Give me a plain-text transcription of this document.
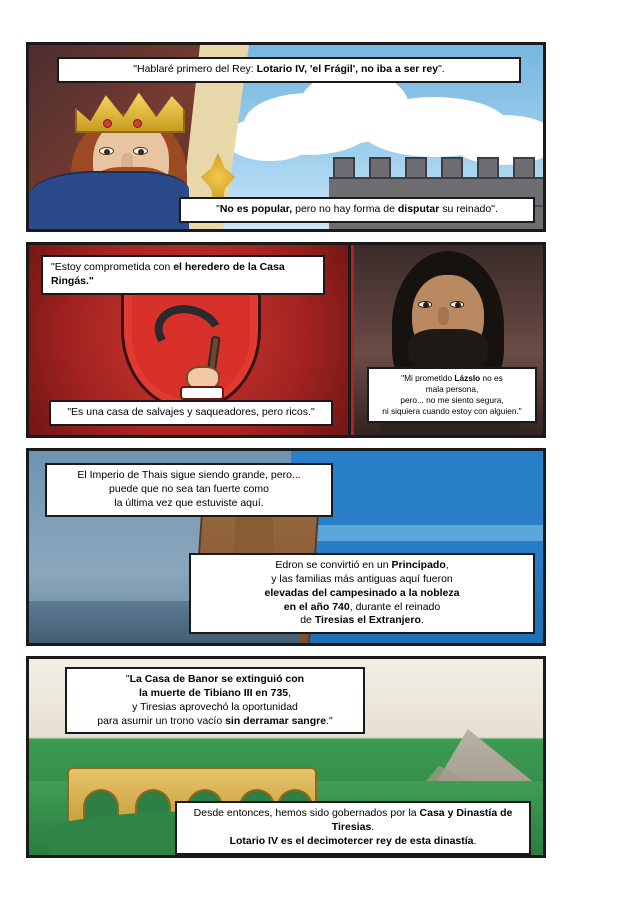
"Hablaré primero del Rey: Lotario IV, 'el Frágil', no iba a ser rey".
"No es popular, pero no hay forma de disputar su reinado".
"Estoy comprometida con el heredero de la Casa Ringás."
"Es una casa de salvajes y saqueadores, pero ricos."
"Mi prometido Lázslo no es
mala persona,
pero... no me siento segura,
ni siquiera cuando estoy con alguien."
El Imperio de Thais sigue siendo grande, pero...
puede que no sea tan fuerte como
la última vez que estuviste aquí.
Edron se convirtió en un Principado,
y las familias más antiguas aquí fueron
elevadas del campesinado a la nobleza
en el año 740, durante el reinado
de Tiresias el Extranjero.
"La Casa de Banor se extinguió con
la muerte de Tibiano III en 735,
y Tiresias aprovechó la oportunidad
para asumir un trono vacío sin derramar sangre."
Desde entonces, hemos sido gobernados por la Casa y Dinastía de Tiresias.
Lotario IV es el decimotercer rey de esta dinastía.
